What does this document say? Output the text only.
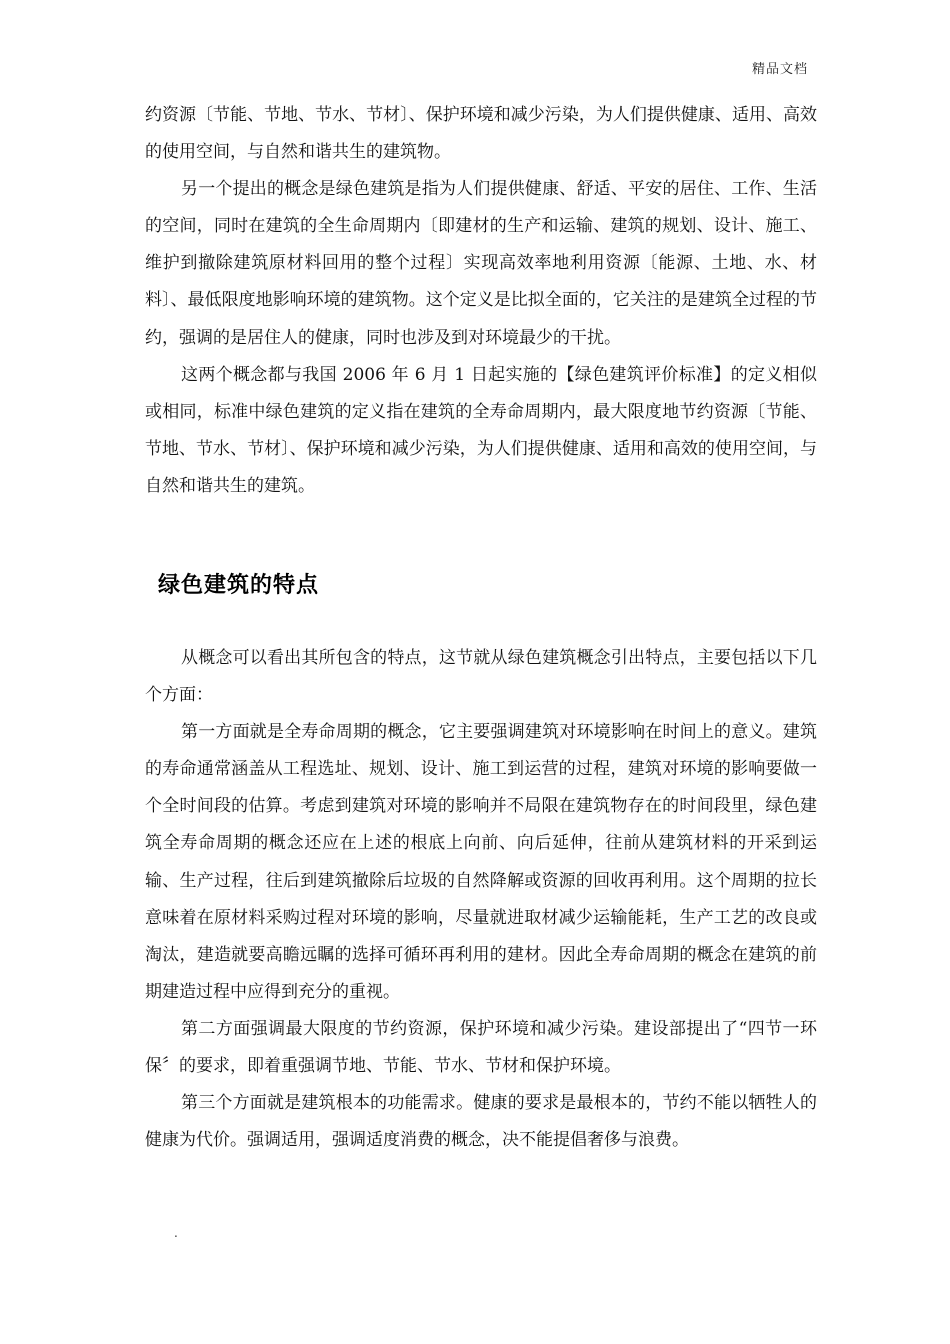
精品文档

约资源〔节能、节地、节水、节材〕、保护环境和减少污染，为人们提供健康、适用、高效的使用空间，与自然和谐共生的建筑物。

另一个提出的概念是绿色建筑是指为人们提供健康、舒适、平安的居住、工作、生活的空间，同时在建筑的全生命周期内〔即建材的生产和运输、建筑的规划、设计、施工、维护到撤除建筑原材料回用的整个过程〕实现高效率地利用资源〔能源、土地、水、材料〕、最低限度地影响环境的建筑物。这个定义是比拟全面的，它关注的是建筑全过程的节约，强调的是居住人的健康，同时也涉及到对环境最少的干扰。

这两个概念都与我国 2006 年 6 月 1 日起实施的【绿色建筑评价标准】的定义相似或相同，标准中绿色建筑的定义指在建筑的全寿命周期内，最大限度地节约资源〔节能、节地、节水、节材〕、保护环境和减少污染，为人们提供健康、适用和高效的使用空间，与自然和谐共生的建筑。

绿色建筑的特点

从概念可以看出其所包含的特点，这节就从绿色建筑概念引出特点，主要包括以下几个方面：

第一方面就是全寿命周期的概念，它主要强调建筑对环境影响在时间上的意义。建筑的寿命通常涵盖从工程选址、规划、设计、施工到运营的过程，建筑对环境的影响要做一个全时间段的估算。考虑到建筑对环境的影响并不局限在建筑物存在的时间段里，绿色建筑全寿命周期的概念还应在上述的根底上向前、向后延伸，往前从建筑材料的开采到运输、生产过程，往后到建筑撤除后垃圾的自然降解或资源的回收再利用。这个周期的拉长意味着在原材料采购过程对环境的影响，尽量就进取材减少运输能耗，生产工艺的改良或淘汰，建造就要高瞻远瞩的选择可循环再利用的建材。因此全寿命周期的概念在建筑的前期建造过程中应得到充分的重视。

第二方面强调最大限度的节约资源，保护环境和减少污染。建设部提出了“四节一环保〞的要求，即着重强调节地、节能、节水、节材和保护环境。

第三个方面就是建筑根本的功能需求。健康的要求是最根本的，节约不能以牺牲人的健康为代价。强调适用，强调适度消费的概念，决不能提倡奢侈与浪费。

.
